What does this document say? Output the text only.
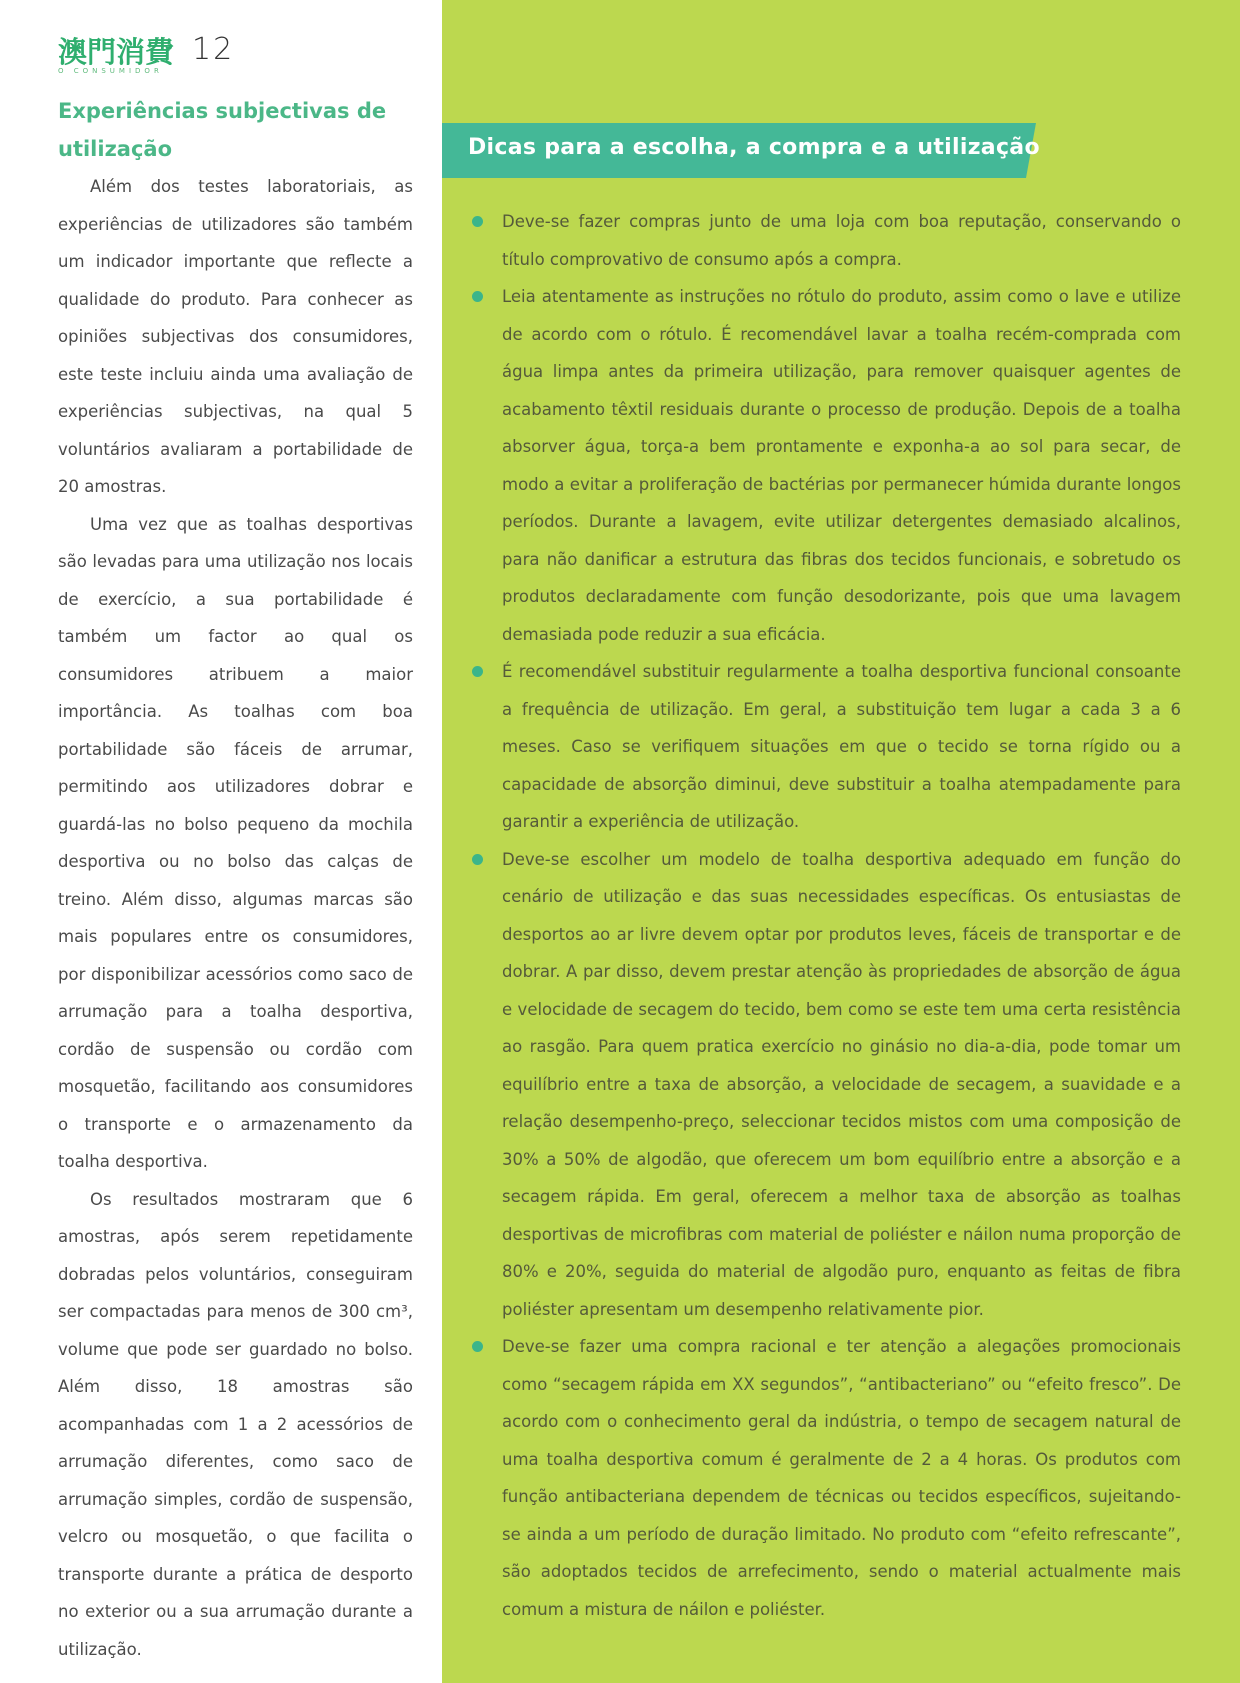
澳門消費
O CONSUMIDOR
12
Experiências subjectivas de utilização

Além dos testes laboratoriais, as experiências de utilizadores são também um indicador importante que reflecte a qualidade do produto. Para conhecer as opiniões subjectivas dos consumidores, este teste incluiu ainda uma avaliação de experiências subjectivas, na qual 5 voluntários avaliaram a portabilidade de 20 amostras.

Uma vez que as toalhas desportivas são levadas para uma utilização nos locais de exercício, a sua portabilidade é também um factor ao qual os consumidores atribuem a maior importância. As toalhas com boa portabilidade são fáceis de arrumar, permitindo aos utilizadores dobrar e guardá-las no bolso pequeno da mochila desportiva ou no bolso das calças de treino. Além disso, algumas marcas são mais populares entre os consumidores, por disponibilizar acessórios como saco de arrumação para a toalha desportiva, cordão de suspensão ou cordão com mosquetão, facilitando aos consumidores o transporte e o armazenamento da toalha desportiva.

Os resultados mostraram que 6 amostras, após serem repetidamente dobradas pelos voluntários, conseguiram ser compactadas para menos de 300 cm³, volume que pode ser guardado no bolso. Além disso, 18 amostras são acompanhadas com 1 a 2 acessórios de arrumação diferentes, como saco de arrumação simples, cordão de suspensão, velcro ou mosquetão, o que facilita o transporte durante a prática de desporto no exterior ou a sua arrumação durante a utilização.

Dicas para a escolha, a compra e a utilização
Deve-se fazer compras junto de uma loja com boa reputação, conservando o título comprovativo de consumo após a compra.
Leia atentamente as instruções no rótulo do produto, assim como o lave e utilize de acordo com o rótulo. É recomendável lavar a toalha recém-comprada com água limpa antes da primeira utilização, para remover quaisquer agentes de acabamento têxtil residuais durante o processo de produção. Depois de a toalha absorver água, torça-a bem prontamente e exponha-a ao sol para secar, de modo a evitar a proliferação de bactérias por permanecer húmida durante longos períodos. Durante a lavagem, evite utilizar detergentes demasiado alcalinos, para não danificar a estrutura das fibras dos tecidos funcionais, e sobretudo os produtos declaradamente com função desodorizante, pois que uma lavagem demasiada pode reduzir a sua eficácia.
É recomendável substituir regularmente a toalha desportiva funcional consoante a frequência de utilização. Em geral, a substituição tem lugar a cada 3 a 6 meses. Caso se verifiquem situações em que o tecido se torna rígido ou a capacidade de absorção diminui, deve substituir a toalha atempadamente para garantir a experiência de utilização.
Deve-se escolher um modelo de toalha desportiva adequado em função do cenário de utilização e das suas necessidades específicas. Os entusiastas de desportos ao ar livre devem optar por produtos leves, fáceis de transportar e de dobrar. A par disso, devem prestar atenção às propriedades de absorção de água e velocidade de secagem do tecido, bem como se este tem uma certa resistência ao rasgão. Para quem pratica exercício no ginásio no dia-a-dia, pode tomar um equilíbrio entre a taxa de absorção, a velocidade de secagem, a suavidade e a relação desempenho-preço, seleccionar tecidos mistos com uma composição de 30% a 50% de algodão, que oferecem um bom equilíbrio entre a absorção e a secagem rápida. Em geral, oferecem a melhor taxa de absorção as toalhas desportivas de microfibras com material de poliéster e náilon numa proporção de 80% e 20%, seguida do material de algodão puro, enquanto as feitas de fibra poliéster apresentam um desempenho relativamente pior.
Deve-se fazer uma compra racional e ter atenção a alegações promocionais como “secagem rápida em XX segundos”, “antibacteriano” ou “efeito fresco”. De acordo com o conhecimento geral da indústria, o tempo de secagem natural de uma toalha desportiva comum é geralmente de 2 a 4 horas. Os produtos com função antibacteriana dependem de técnicas ou tecidos específicos, sujeitando-se ainda a um período de duração limitado. No produto com “efeito refrescante”, são adoptados tecidos de arrefecimento, sendo o material actualmente mais comum a mistura de náilon e poliéster.
